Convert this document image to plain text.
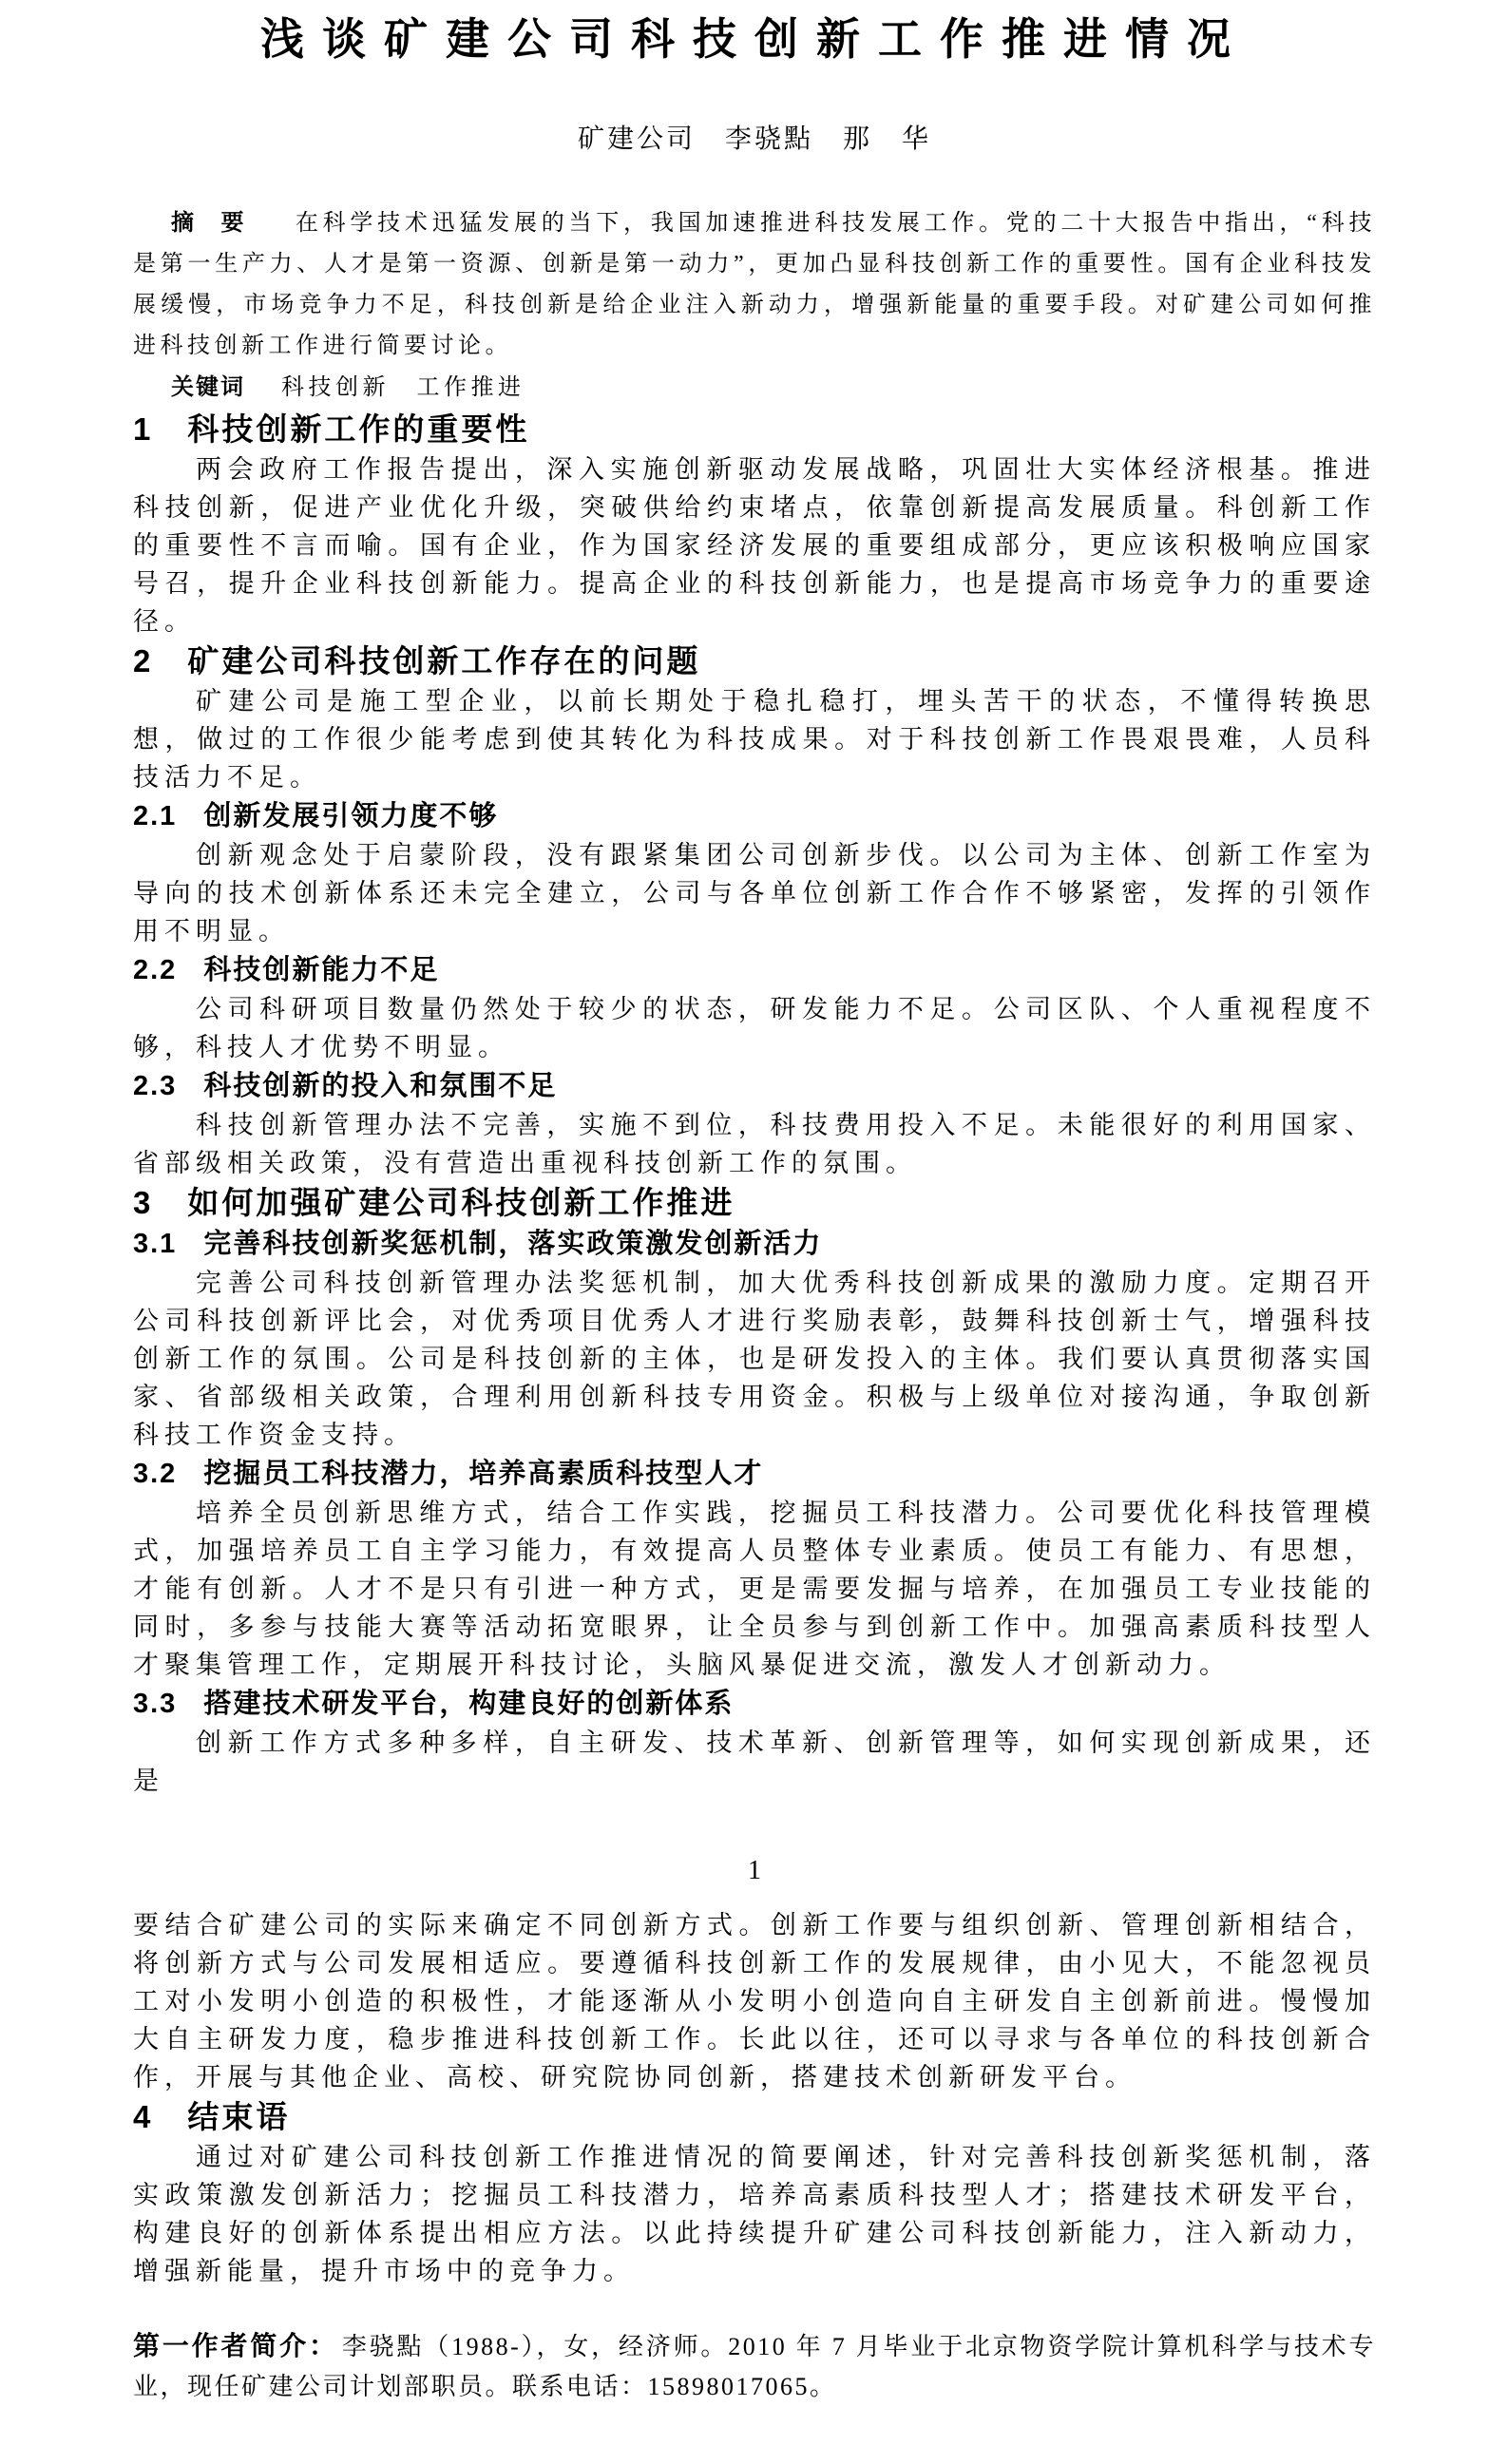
浅谈矿建公司科技创新工作推进情况
矿建公司　李骁點　那　华

摘　要 在科学技术迅猛发展的当下，我国加速推进科技发展工作。党的二十大报告中指出，“科技是第一生产力、人才是第一资源、创新是第一动力”，更加凸显科技创新工作的重要性。国有企业科技发展缓慢，市场竞争力不足，科技创新是给企业注入新动力，增强新能量的重要手段。对矿建公司如何推进科技创新工作进行简要讨论。

关键词 科技创新　工作推进

1 科技创新工作的重要性

两会政府工作报告提出，深入实施创新驱动发展战略，巩固壮大实体经济根基。推进科技创新，促进产业优化升级，突破供给约束堵点，依靠创新提高发展质量。科创新工作的重要性不言而喻。国有企业，作为国家经济发展的重要组成部分，更应该积极响应国家号召，提升企业科技创新能力。提高企业的科技创新能力，也是提高市场竞争力的重要途径。

2 矿建公司科技创新工作存在的问题

矿建公司是施工型企业，以前长期处于稳扎稳打，埋头苦干的状态，不懂得转换思想，做过的工作很少能考虑到使其转化为科技成果。对于科技创新工作畏艰畏难，人员科技活力不足。

2.1 创新发展引领力度不够

创新观念处于启蒙阶段，没有跟紧集团公司创新步伐。以公司为主体、创新工作室为导向的技术创新体系还未完全建立，公司与各单位创新工作合作不够紧密，发挥的引领作用不明显。

2.2 科技创新能力不足

公司科研项目数量仍然处于较少的状态，研发能力不足。公司区队、个人重视程度不够，科技人才优势不明显。

2.3 科技创新的投入和氛围不足

科技创新管理办法不完善，实施不到位，科技费用投入不足。未能很好的利用国家、省部级相关政策，没有营造出重视科技创新工作的氛围。

3 如何加强矿建公司科技创新工作推进
3.1 完善科技创新奖惩机制，落实政策激发创新活力

完善公司科技创新管理办法奖惩机制，加大优秀科技创新成果的激励力度。定期召开公司科技创新评比会，对优秀项目优秀人才进行奖励表彰，鼓舞科技创新士气，增强科技创新工作的氛围。公司是科技创新的主体，也是研发投入的主体。我们要认真贯彻落实国家、省部级相关政策，合理利用创新科技专用资金。积极与上级单位对接沟通，争取创新科技工作资金支持。

3.2 挖掘员工科技潜力，培养高素质科技型人才

培养全员创新思维方式，结合工作实践，挖掘员工科技潜力。公司要优化科技管理模式，加强培养员工自主学习能力，有效提高人员整体专业素质。使员工有能力、有思想，才能有创新。人才不是只有引进一种方式，更是需要发掘与培养，在加强员工专业技能的同时，多参与技能大赛等活动拓宽眼界，让全员参与到创新工作中。加强高素质科技型人才聚集管理工作，定期展开科技讨论，头脑风暴促进交流，激发人才创新动力。

3.3 搭建技术研发平台，构建良好的创新体系

创新工作方式多种多样，自主研发、技术革新、创新管理等，如何实现创新成果，还是

1

要结合矿建公司的实际来确定不同创新方式。创新工作要与组织创新、管理创新相结合，将创新方式与公司发展相适应。要遵循科技创新工作的发展规律，由小见大，不能忽视员工对小发明小创造的积极性，才能逐渐从小发明小创造向自主研发自主创新前进。慢慢加大自主研发力度，稳步推进科技创新工作。长此以往，还可以寻求与各单位的科技创新合作，开展与其他企业、高校、研究院协同创新，搭建技术创新研发平台。

4 结束语

通过对矿建公司科技创新工作推进情况的简要阐述，针对完善科技创新奖惩机制，落实政策激发创新活力；挖掘员工科技潜力，培养高素质科技型人才；搭建技术研发平台，构建良好的创新体系提出相应方法。以此持续提升矿建公司科技创新能力，注入新动力，增强新能量，提升市场中的竞争力。

第一作者简介： 李骁點（1988-），女，经济师。2010 年 7 月毕业于北京物资学院计算机科学与技术专业，现任矿建公司计划部职员。联系电话：15898017065。
